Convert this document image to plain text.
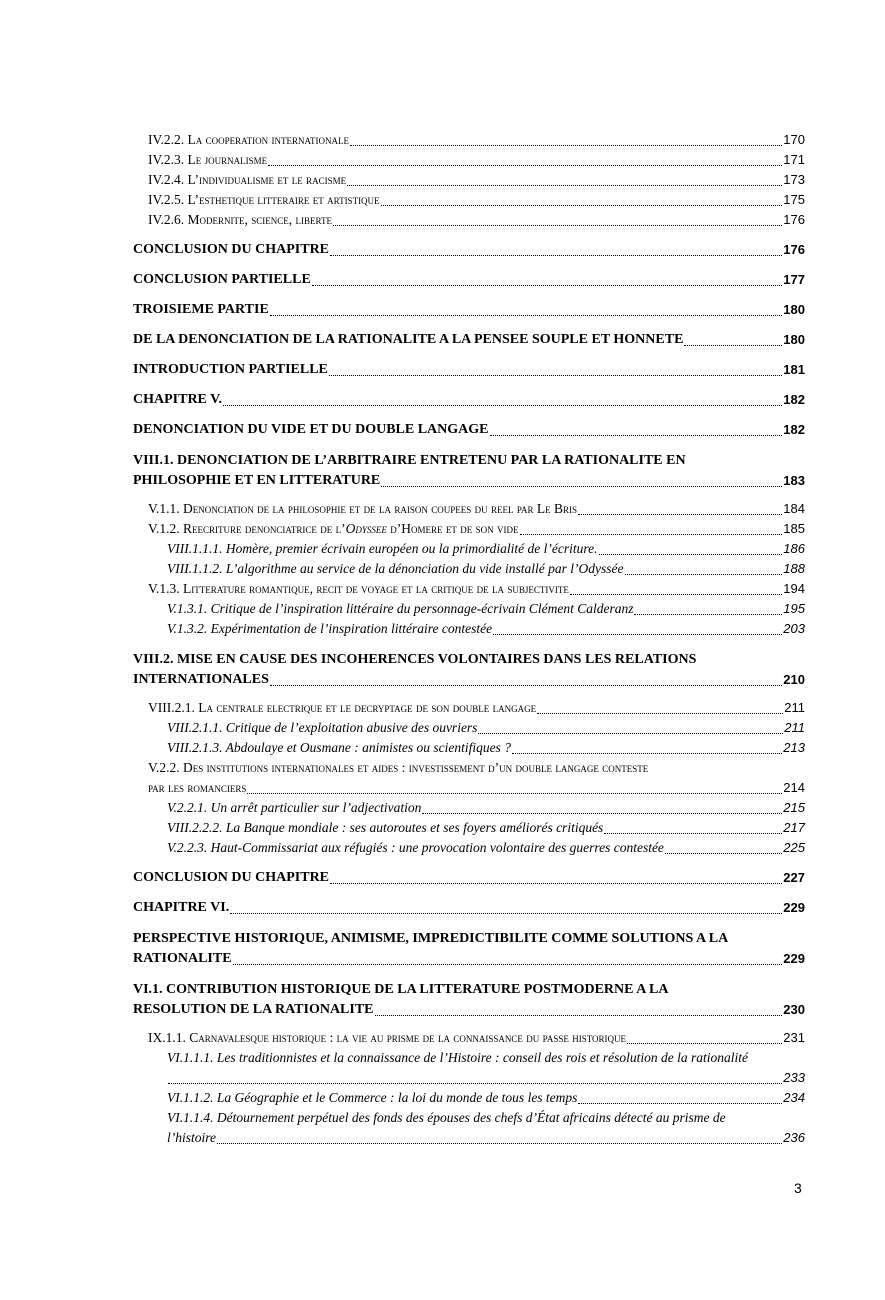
IV.2.2. La cooperation internationale	170
IV.2.3. Le journalisme	171
IV.2.4. L’individualisme et le racisme	173
IV.2.5. L’esthetique litteraire et artistique	175
IV.2.6. Modernite, science, liberte	176
CONCLUSION DU CHAPITRE	176
CONCLUSION PARTIELLE	177
TROISIEME PARTIE	180
DE LA DENONCIATION DE LA RATIONALITE A LA PENSEE SOUPLE ET HONNETE	180
INTRODUCTION PARTIELLE	181
CHAPITRE V.	182
DENONCIATION DU VIDE ET DU DOUBLE LANGAGE	182
VIII.1. DENONCIATION DE L’ARBITRAIRE ENTRETENU PAR LA RATIONALITE EN
PHILOSOPHIE ET EN LITTERATURE	183
V.1.1. Denonciation de la philosophie et de la raison coupees du reel par Le Bris	184
V.1.2. Reecriture denonciatrice de l’Odyssee d’Homere et de son vide	185
VIII.1.1.1. Homère, premier écrivain européen ou la primordialité de l’écriture.	186
VIII.1.1.2. L’algorithme au service de la dénonciation du vide installé par l’Odyssée	188
V.1.3. Litterature romantique, recit de voyage et la critique de la subjectivite	194
V.1.3.1. Critique de l’inspiration littéraire du personnage-écrivain Clément Calderanz	195
V.1.3.2. Expérimentation de l’inspiration littéraire contestée	203
VIII.2. MISE EN CAUSE DES INCOHERENCES VOLONTAIRES DANS LES RELATIONS
INTERNATIONALES	210
VIII.2.1. La centrale electrique et le decryptage de son double langage	211
VIII.2.1.1. Critique de l’exploitation abusive des ouvriers	211
VIII.2.1.3. Abdoulaye et Ousmane : animistes ou scientifiques ?	213
V.2.2. Des institutions internationales et aides : investissement d’un double langage conteste
par les romanciers	214
V.2.2.1. Un arrêt particulier sur l’adjectivation	215
VIII.2.2.2. La Banque mondiale : ses autoroutes et ses foyers améliorés critiqués	217
V.2.2.3. Haut-Commissariat aux réfugiés : une provocation volontaire des guerres contestée	225
CONCLUSION DU CHAPITRE	227
CHAPITRE VI.	229
PERSPECTIVE HISTORIQUE, ANIMISME, IMPREDICTIBILITE COMME SOLUTIONS A LA
RATIONALITE	229
VI.1. CONTRIBUTION HISTORIQUE DE LA LITTERATURE POSTMODERNE A LA
RESOLUTION DE LA RATIONALITE	230
IX.1.1. Carnavalesque historique : la vie au prisme de la connaissance du passe historique	231
VI.1.1.1. Les traditionnistes et la connaissance de l’Histoire : conseil des rois et résolution de la rationalité
233
VI.1.1.2. La Géographie et le Commerce : la loi du monde de tous les temps	234
VI.1.1.4. Détournement perpétuel des fonds des épouses des chefs d’État africains détecté au prisme de
l’histoire	236
3
